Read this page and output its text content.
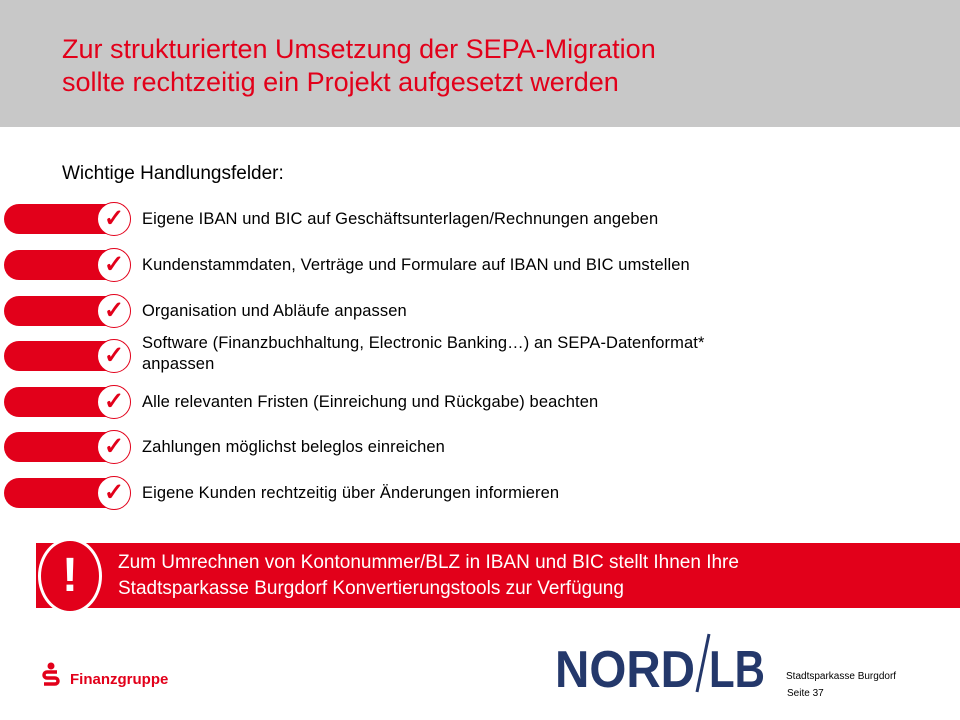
Zur strukturierten Umsetzung der SEPA-Migration
sollte rechtzeitig ein Projekt aufgesetzt werden
Wichtige Handlungsfelder:
✓	Eigene IBAN und BIC auf Geschäftsunterlagen/Rechnungen angeben
✓	Kundenstammdaten, Verträge und Formulare auf IBAN und BIC umstellen
✓	Organisation und Abläufe anpassen
✓	Software (Finanzbuchhaltung, Electronic Banking…) an SEPA-Datenformat*
anpassen
✓	Alle relevanten Fristen (Einreichung und Rückgabe) beachten
✓	Zahlungen möglichst beleglos einreichen
✓	Eigene Kunden rechtzeitig über Änderungen informieren
!	Zum Umrechnen von Kontonummer/BLZ in IBAN und BIC stellt Ihnen Ihre
Stadtsparkasse Burgdorf Konvertierungstools zur Verfügung
Finanzgruppe	NORD LB Stadtsparkasse Burgdorf
Seite 37
